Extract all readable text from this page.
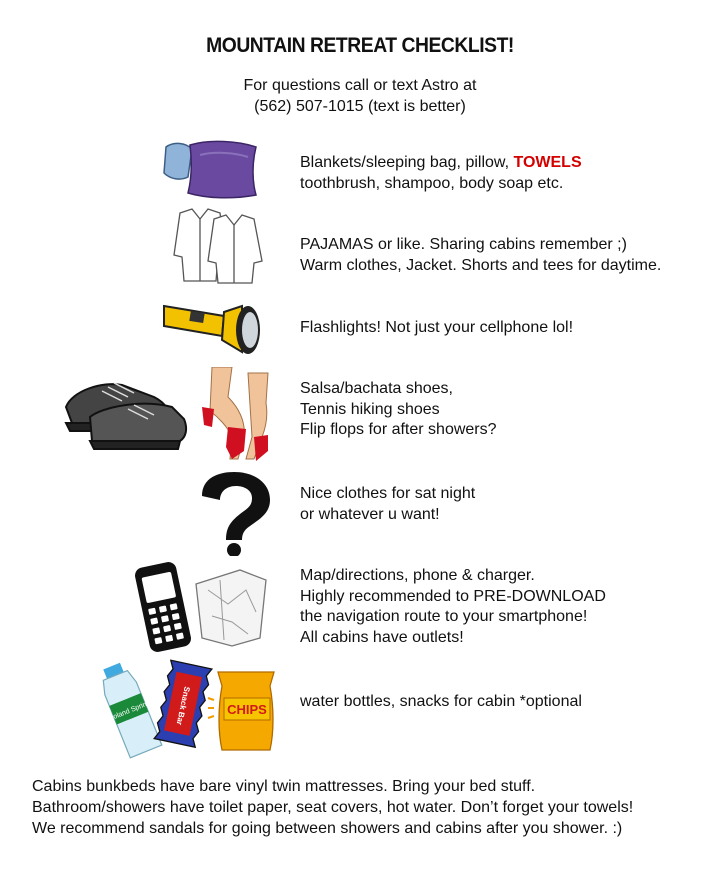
MOUNTAIN RETREAT CHECKLIST!
For questions call or text Astro at
(562) 507-1015 (text is better)
Blankets/sleeping bag, pillow, TOWELS
toothbrush, shampoo, body soap etc.
PAJAMAS or like. Sharing cabins remember ;)
Warm clothes, Jacket. Shorts and tees for daytime.
Flashlights! Not just your cellphone lol!
Salsa/bachata shoes,
Tennis hiking shoes
Flip flops for after showers?
Nice clothes for sat night
or whatever u want!
Map/directions, phone & charger.
Highly recommended to PRE-DOWNLOAD
the navigation route to your smartphone!
All cabins have outlets!
Poland Spring	Snack Bar	CHIPS water bottles, snacks for cabin *optional
Cabins bunkbeds have bare vinyl twin mattresses. Bring your bed stuff.
Bathroom/showers have toilet paper, seat covers, hot water. Don’t forget your towels!
We recommend sandals for going between showers and cabins after you shower. :)
